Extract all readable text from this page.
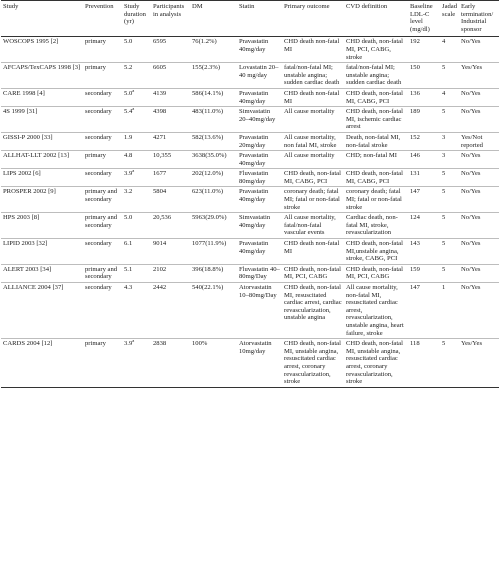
Study	Prevention	Study duration (yr)	Participants in analysis	DM	Statin	Primary outcome	CVD definition	Baseline LDL-C level (mg/dl)	Jadad scale	Early termination/ Industrial sponsor
WOSCOPS 1995 [2]	primary	5.0	6595	76(1.2%)	Pravastatin 40mg/day	CHD death non-fatal MI	CHD death, non-fatal MI, PCI, CABG, stroke	192	4	No/Yes
AFCAPS/TexCAPS 1998 [3]	primary	5.2	6605	155(2.3%)	Lovastatin 20–40 mg/day	fatal/non-fatal MI; unstable angina; sudden cardiac death	fatal/non-fatal MI; unstable angina; sudden cardiac death	150	5	Yes/Yes
CARE 1998 [4]	secondary	5.0$^a$	4139	586(14.1%)	Pravastatin 40mg/day	CHD death non-fatal MI	CHD death, non-fatal MI, CABG, PCI	136	4	No/Yes
4S 1999 [31]	secondary	5.4$^a$	4398	483(11.0%)	Simvastatin 20–40mg/day	All cause mortality	CHD death, non-fatal MI, ischemic cardiac arrest	189	5	No/Yes
GISSI-P 2000 [33]	secondary	1.9	4271	582(13.6%)	Pravastatin 20mg/day	All cause mortality, non fatal MI, stroke	Death, non-fatal MI, non-fatal stroke	152	3	Yes/Not reported
ALLHAT-LLT 2002 [13]	primary	4.8	10,355	3638(35.0%)	Pravastatin 40mg/day	All cause mortality	CHD; non-fatal MI	146	3	No/Yes
LIPS 2002 [6]	secondary	3.9$^a$	1677	202(12.0%)	Fluvastatin 80mg/day	CHD death, non-fatal MI, CABG, PCI	CHD death, non-fatal MI, CABG, PCI	131	5	No/Yes
PROSPER 2002 [9]	primary and secondary	3.2	5804	623(11.0%)	Pravastatin 40mg/day	coronary death; fatal MI; fatal or non-fatal stroke	coronary death; fatal MI; fatal or non-fatal stroke	147	5	No/Yes
HPS 2003 [8]	primary and secondary	5.0	20,536	5963(29.0%)	Simvastatin 40mg/day	All cause mortality, fatal/non-fatal vascular events	Cardiac death, non-fatal MI, stroke, revascularization	124	5	No/Yes
LIPID 2003 [32]	secondary	6.1	9014	1077(11.9%)	Pravastatin 40mg/day	CHD death non-fatal MI	CHD death, non-fatal MI,unstable angina, stroke, CABG, PCI	143	5	No/Yes
ALERT 2003 [34]	primary and secondary	5.1	2102	396(18.8%)	Fluvastatin 40–80mg/Day	CHD death, non-fatal MI, PCI, CABG	CHD death, non-fatal MI, PCI, CABG	159	5	No/Yes
ALLIANCE 2004 [37]	secondary	4.3	2442	540(22.1%)	Atorvastatin 10–80mg/Day	CHD death, non-fatal MI, resuscitated cardiac arrest, cardiac revascularization, unstable angina	All cause mortality, non-fatal MI, resuscitated cardiac arrest, revascularization, unstable angina, heart failure, stroke	147	1	No/Yes
CARDS 2004 [12]	primary	3.9$^a$	2838	100%	Atorvastatin 10mg/day	CHD death, non-fatal MI, unstable angina, resuscitated cardiac arrest, coronary revascularization, stroke	CHD death, non-fatal MI, unstable angina, resuscitated cardiac arrest, coronary revascularization, stroke	118	5	Yes/Yes
